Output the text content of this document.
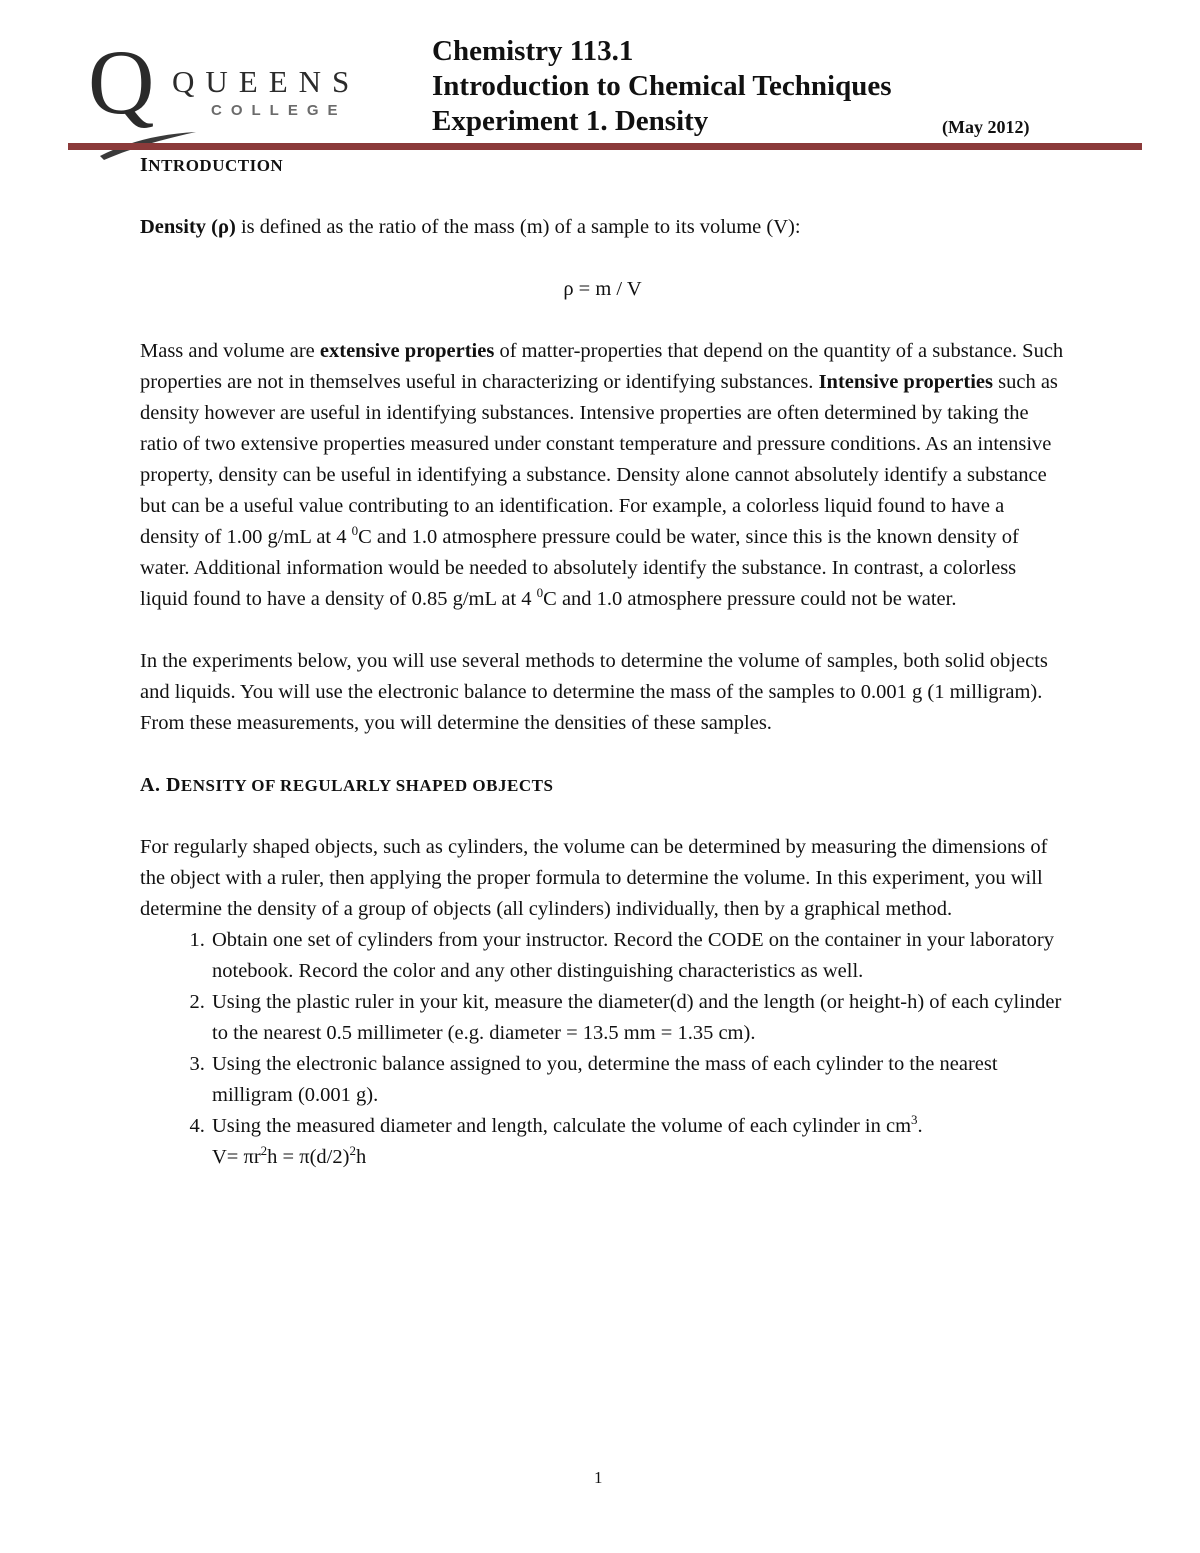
Q QUEENS
COLLEGE
Chemistry 113.1
Introduction to Chemical Techniques
Experiment 1. Density	(May 2012)

INTRODUCTION

Density (ρ) is defined as the ratio of the mass (m) of a sample to its volume (V):

ρ = m / V

Mass and volume are extensive properties of matter-properties that depend on the quantity of a substance. Such properties are not in themselves useful in characterizing or identifying substances. Intensive properties such as density however are useful in identifying substances. Intensive properties are often determined by taking the ratio of two extensive properties measured under constant temperature and pressure conditions. As an intensive property, density can be useful in identifying a substance. Density alone cannot absolutely identify a substance but can be a useful value contributing to an identification. For example, a colorless liquid found to have a density of 1.00 g/mL at 4 $^0$C and 1.0 atmosphere pressure could be water, since this is the known density of water. Additional information would be needed to absolutely identify the substance. In contrast, a colorless liquid found to have a density of 0.85 g/mL at 4 $^0$C and 1.0 atmosphere pressure could not be water.

In the experiments below, you will use several methods to determine the volume of samples, both solid objects and liquids. You will use the electronic balance to determine the mass of the samples to 0.001 g (1 milligram). From these measurements, you will determine the densities of these samples.

A. DENSITY OF REGULARLY SHAPED OBJECTS

For regularly shaped objects, such as cylinders, the volume can be determined by measuring the dimensions of the object with a ruler, then applying the proper formula to determine the volume. In this experiment, you will determine the density of a group of objects (all cylinders) individually, then by a graphical method.

1. Obtain one set of cylinders from your instructor. Record the CODE on the container in your laboratory notebook. Record the color and any other distinguishing characteristics as well.
2. Using the plastic ruler in your kit, measure the diameter(d) and the length (or height-h) of each cylinder to the nearest 0.5 millimeter (e.g. diameter = 13.5 mm = 1.35 cm).
3. Using the electronic balance assigned to you, determine the mass of each cylinder to the nearest milligram (0.001 g).
4. Using the measured diameter and length, calculate the volume of each cylinder in $cm^3$.
$V= \pi r^2h = \pi(d/2)^2h$
1
